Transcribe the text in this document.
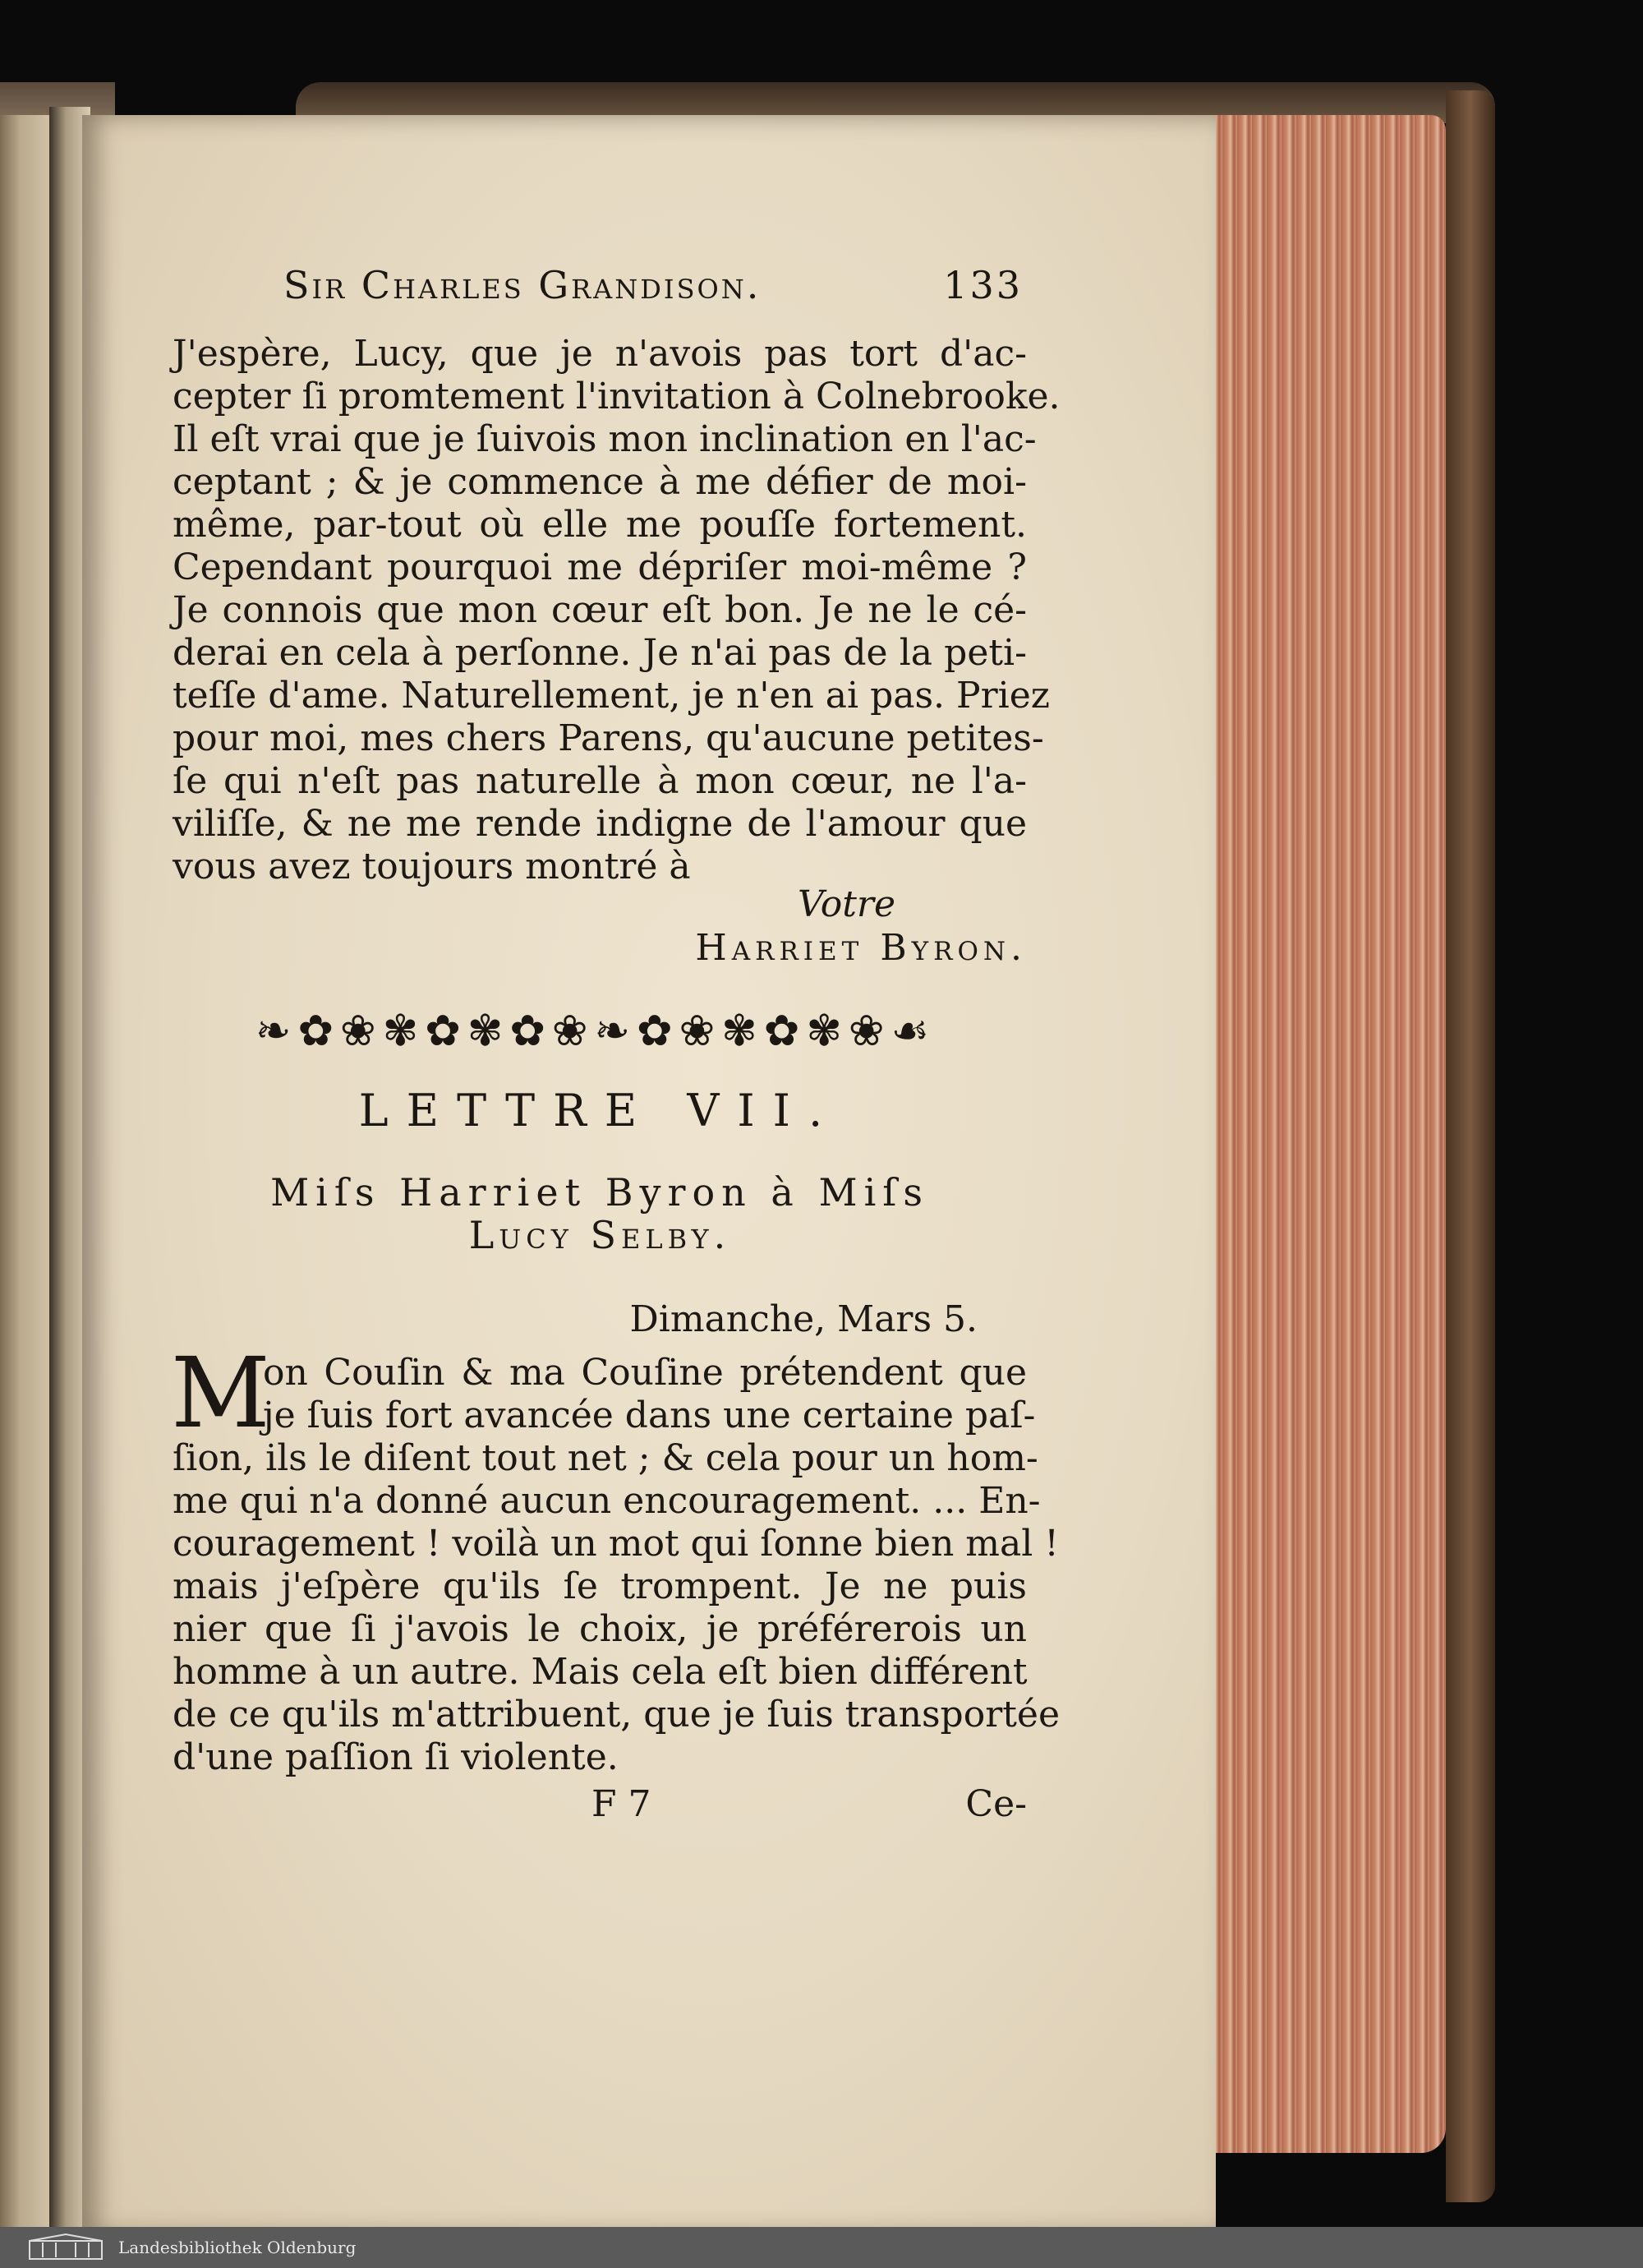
Sir Charles Grandison.	133
J'espère, Lucy, que je n'avois pas tort d'ac-
cepter ſi promtement l'invitation à Colnebrooke.
Il eſt vrai que je ſuivois mon inclination en l'ac-
ceptant ; & je commence à me défier de moi-
même, par-tout où elle me pouſſe fortement.
Cependant pourquoi me dépriſer moi-même ?
Je connois que mon cœur eſt bon. Je ne le cé-
derai en cela à perſonne. Je n'ai pas de la peti-
teſſe d'ame. Naturellement, je n'en ai pas. Priez
pour moi, mes chers Parens, qu'aucune petites-
ſe qui n'eſt pas naturelle à mon cœur, ne l'a-
viliſſe, & ne me rende indigne de l'amour que
vous avez toujours montré à
Votre
Harriet Byron.
❧✿❀✾✿✾✿❀❧✿❀✾✿✾❀☙
LETTRE VII.
Miſs Harriet Byron à Miſs
Lucy Selby.
Dimanche, Mars 5.
M
on Couſin & ma Couſine prétendent que
je ſuis fort avancée dans une certaine paſ-
ſion, ils le diſent tout net ; & cela pour un hom-
me qui n'a donné aucun encouragement. ... En-
couragement ! voilà un mot qui ſonne bien mal !
mais j'eſpère qu'ils ſe trompent. Je ne puis
nier que ſi j'avois le choix, je préférerois un
homme à un autre. Mais cela eſt bien différent
de ce qu'ils m'attribuent, que je ſuis transportée
d'une paſſion ſi violente.
F 7	Ce-
Landesbibliothek Oldenburg
